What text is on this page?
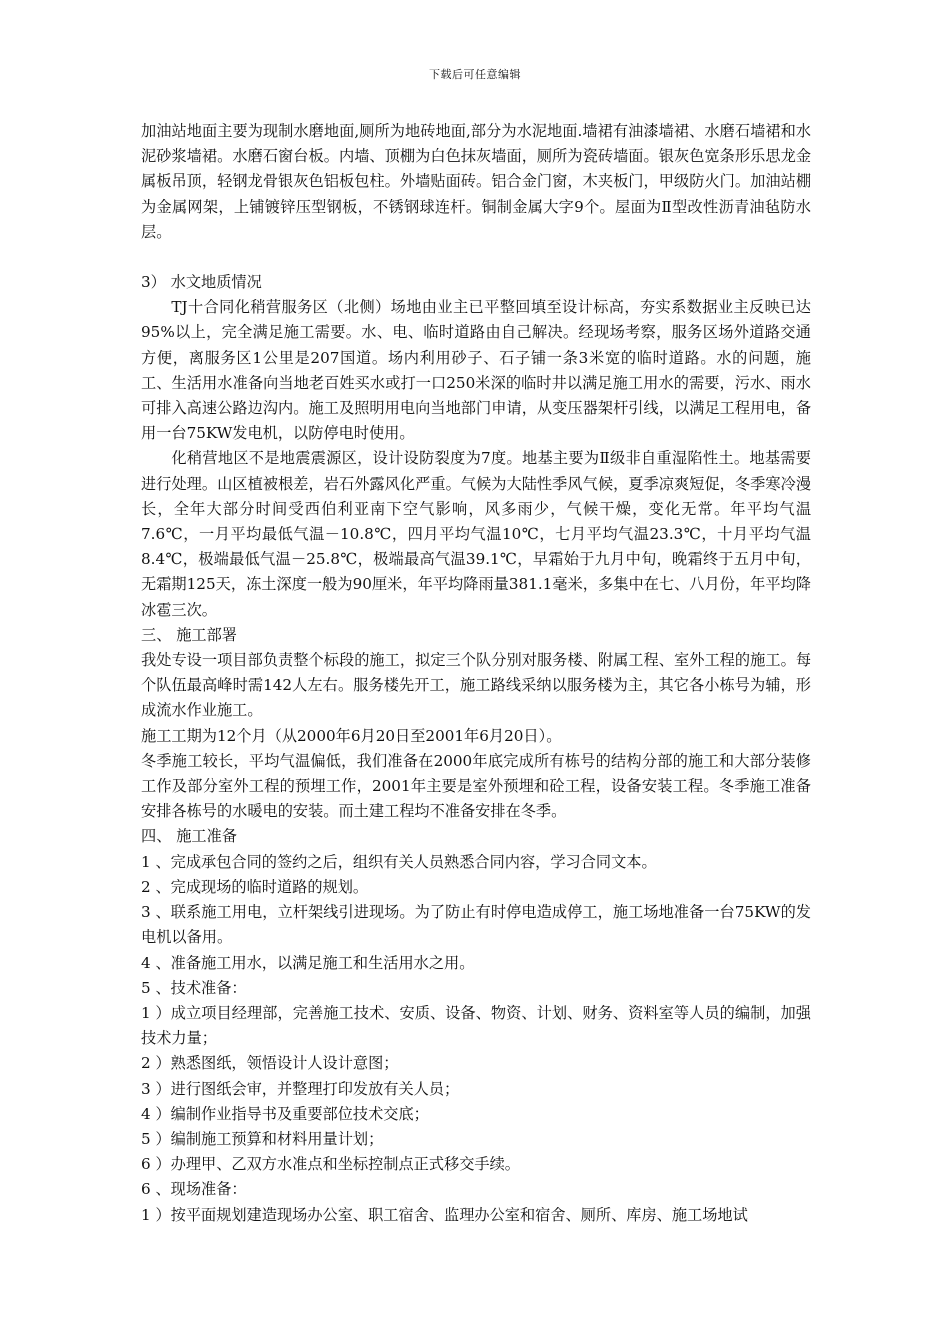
下载后可任意编辑

加油站地面主要为现制水磨地面,厕所为地砖地面,部分为水泥地面.墙裙有油漆墙裙、水磨石墙裙和水泥砂浆墙裙。水磨石窗台板。内墙、顶棚为白色抹灰墙面，厕所为瓷砖墙面。银灰色宽条形乐思龙金属板吊顶，轻钢龙骨银灰色铝板包柱。外墙贴面砖。铝合金门窗，木夹板门，甲级防火门。加油站棚为金属网架，上铺镀锌压型钢板，不锈钢球连杆。铜制金属大字9个。屋面为Ⅱ型改性沥青油毡防水层。

3） 水文地质情况

TJ十合同化稍营服务区（北侧）场地由业主已平整回填至设计标高，夯实系数据业主反映已达95%以上，完全满足施工需要。水、电、临时道路由自己解决。经现场考察，服务区场外道路交通方便，离服务区1公里是207国道。场内利用砂子、石子铺一条3米宽的临时道路。水的问题，施工、生活用水准备向当地老百姓买水或打一口250米深的临时井以满足施工用水的需要，污水、雨水可排入高速公路边沟内。施工及照明用电向当地部门申请，从变压器架杆引线，以满足工程用电，备用一台75KW发电机，以防停电时使用。

化稍营地区不是地震震源区，设计设防裂度为7度。地基主要为Ⅱ级非自重湿陷性土。地基需要进行处理。山区植被根差，岩石外露风化严重。气候为大陆性季风气候，夏季凉爽短促，冬季寒冷漫长，全年大部分时间受西伯利亚南下空气影响，风多雨少，气候干燥，变化无常。年平均气温7.6℃，一月平均最低气温－10.8℃，四月平均气温10℃，七月平均气温23.3℃，十月平均气温8.4℃，极端最低气温－25.8℃，极端最高气温39.1℃，早霜始于九月中旬，晚霜终于五月中旬，无霜期125天，冻土深度一般为90厘米，年平均降雨量381.1毫米，多集中在七、八月份，年平均降冰雹三次。

三、 施工部署

我处专设一项目部负责整个标段的施工，拟定三个队分别对服务楼、附属工程、室外工程的施工。每个队伍最高峰时需142人左右。服务楼先开工，施工路线采纳以服务楼为主，其它各小栋号为辅，形成流水作业施工。

施工工期为12个月（从2000年6月20日至2001年6月20日）。

冬季施工较长，平均气温偏低，我们准备在2000年底完成所有栋号的结构分部的施工和大部分装修工作及部分室外工程的预埋工作，2001年主要是室外预埋和砼工程，设备安装工程。冬季施工准备安排各栋号的水暖电的安装。而土建工程均不准备安排在冬季。

四、 施工准备

1 、完成承包合同的签约之后，组织有关人员熟悉合同内容，学习合同文本。

2 、完成现场的临时道路的规划。

3 、联系施工用电，立杆架线引进现场。为了防止有时停电造成停工，施工场地准备一台75KW的发电机以备用。

4 、准备施工用水，以满足施工和生活用水之用。

5 、技术准备：

1 ）成立项目经理部，完善施工技术、安质、设备、物资、计划、财务、资料室等人员的编制，加强技术力量；

2 ）熟悉图纸，领悟设计人设计意图；

3 ）进行图纸会审，并整理打印发放有关人员；

4 ）编制作业指导书及重要部位技术交底；

5 ）编制施工预算和材料用量计划；

6 ）办理甲、乙双方水准点和坐标控制点正式移交手续。

6 、现场准备：

1 ）按平面规划建造现场办公室、职工宿舍、监理办公室和宿舍、厕所、库房、施工场地试
